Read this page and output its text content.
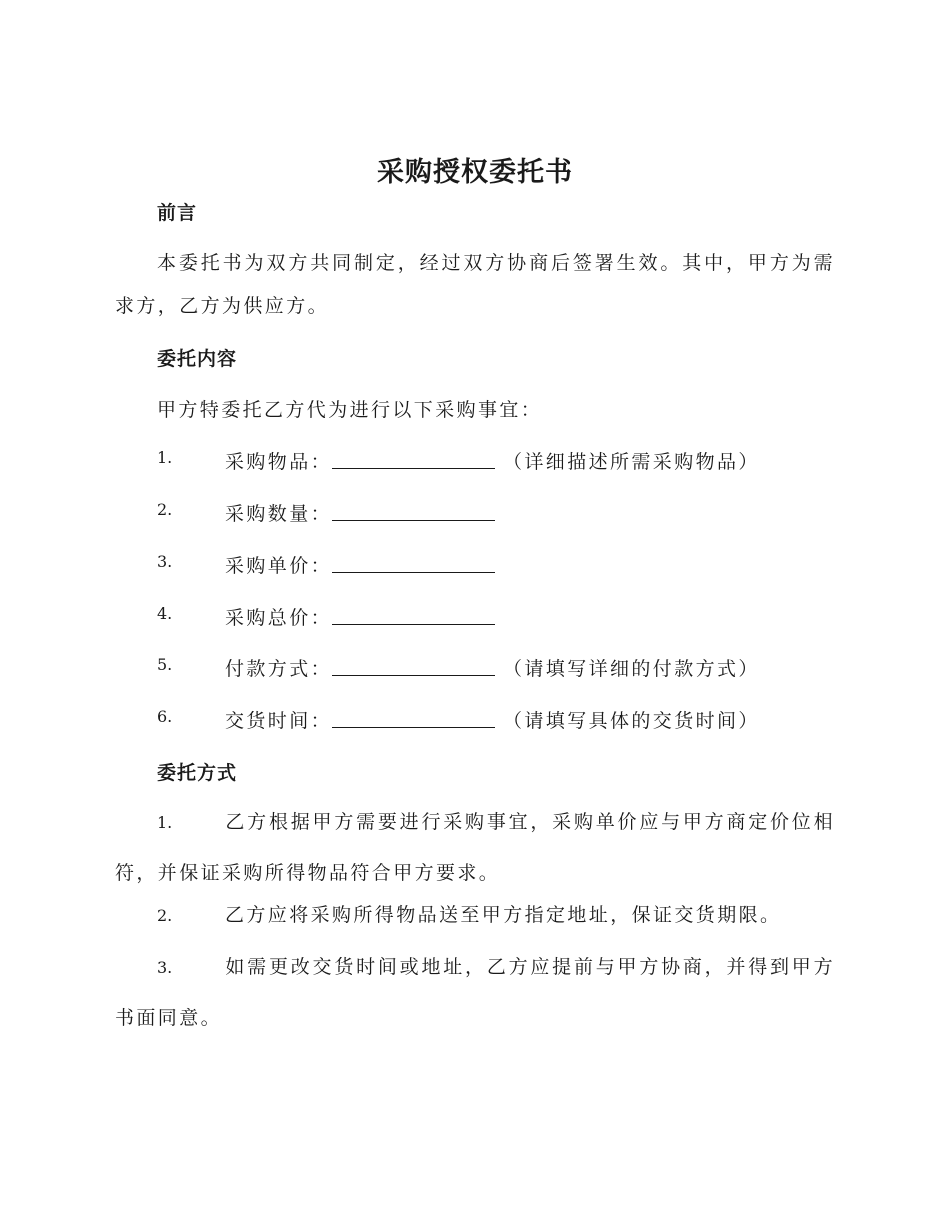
采购授权委托书
前言
本委托书为双方共同制定，经过双方协商后签署生效。其中，甲方为需求方，乙方为供应方。
委托内容
甲方特委托乙方代为进行以下采购事宜：
1.	采购物品：	（详细描述所需采购物品）
2.	采购数量：
3.	采购单价：
4.	采购总价：
5.	付款方式：	（请填写详细的付款方式）
6.	交货时间：	（请填写具体的交货时间）
委托方式
1.	乙方根据甲方需要进行采购事宜，采购单价应与甲方商定价位相符，并保证采购所得物品符合甲方要求。
2.	乙方应将采购所得物品送至甲方指定地址，保证交货期限。
3.	如需更改交货时间或地址，乙方应提前与甲方协商，并得到甲方书面同意。
